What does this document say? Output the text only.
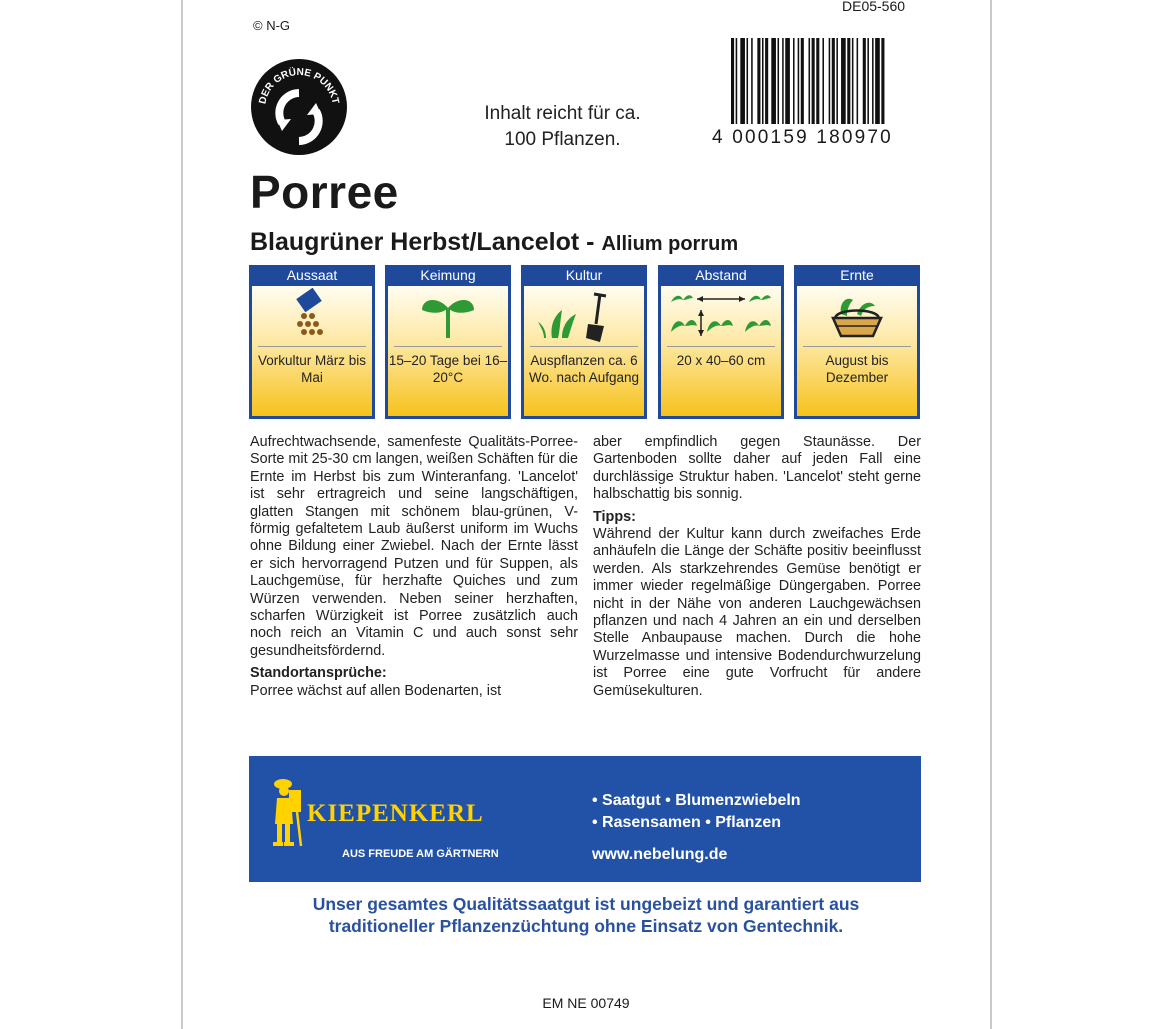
© N-G
DE05-560
DER GRÜNE PUNKT
Inhalt reicht für ca.
100 Pflanzen.	4 000159 180970
Porree
Blaugrüner Herbst/Lancelot - Allium porrum
Aussaat
Vorkultur März bis Mai
Keimung
15–20 Tage bei 16–20°C
Kultur
Auspflanzen ca. 6 Wo. nach Aufgang
Abstand
20 x 40–60 cm
Ernte
August bis Dezember

Aufrechtwachsende, samenfeste Qualitäts-Porree-Sorte mit 25-30 cm langen, weißen Schäften für die Ernte im Herbst bis zum Winteranfang. 'Lancelot' ist sehr ertragreich und seine langschäftigen, glatten Stangen mit schönem blau-grünen, V-förmig gefaltetem Laub äußerst uniform im Wuchs ohne Bildung einer Zwiebel. Nach der Ernte lässt er sich hervorragend Putzen und für Suppen, als Lauchgemüse, für herzhafte Quiches und zum Würzen verwenden. Neben seiner herzhaften, scharfen Würzigkeit ist Porree zusätzlich auch noch reich an Vitamin C und auch sonst sehr gesundheitsfördernd.

Standortansprüche:

Porree wächst auf allen Bodenarten, ist

aber empfindlich gegen Staunässe. Der Gartenboden sollte daher auf jeden Fall eine durchlässige Struktur haben. 'Lancelot' steht gerne halbschattig bis sonnig.

Tipps:

Während der Kultur kann durch zweifaches Erde anhäufeln die Länge der Schäfte positiv beeinflusst werden. Als starkzehrendes Gemüse benötigt er immer wieder regelmäßige Düngergaben. Porree nicht in der Nähe von anderen Lauchgewächsen pflanzen und nach 4 Jahren an ein und derselben Stelle Anbaupause machen. Durch die hohe Wurzelmasse und intensive Bodendurchwurzelung ist Porree eine gute Vorfrucht für andere Gemüsekulturen.

KIEPENKERL
AUS FREUDE AM GÄRTNERN
• Saatgut • Blumenzwiebeln
• Rasensamen • Pflanzen
www.nebelung.de
Unser gesamtes Qualitätssaatgut ist ungebeizt und garantiert aus
traditioneller Pflanzenzüchtung ohne Einsatz von Gentechnik.
EM NE 00749
